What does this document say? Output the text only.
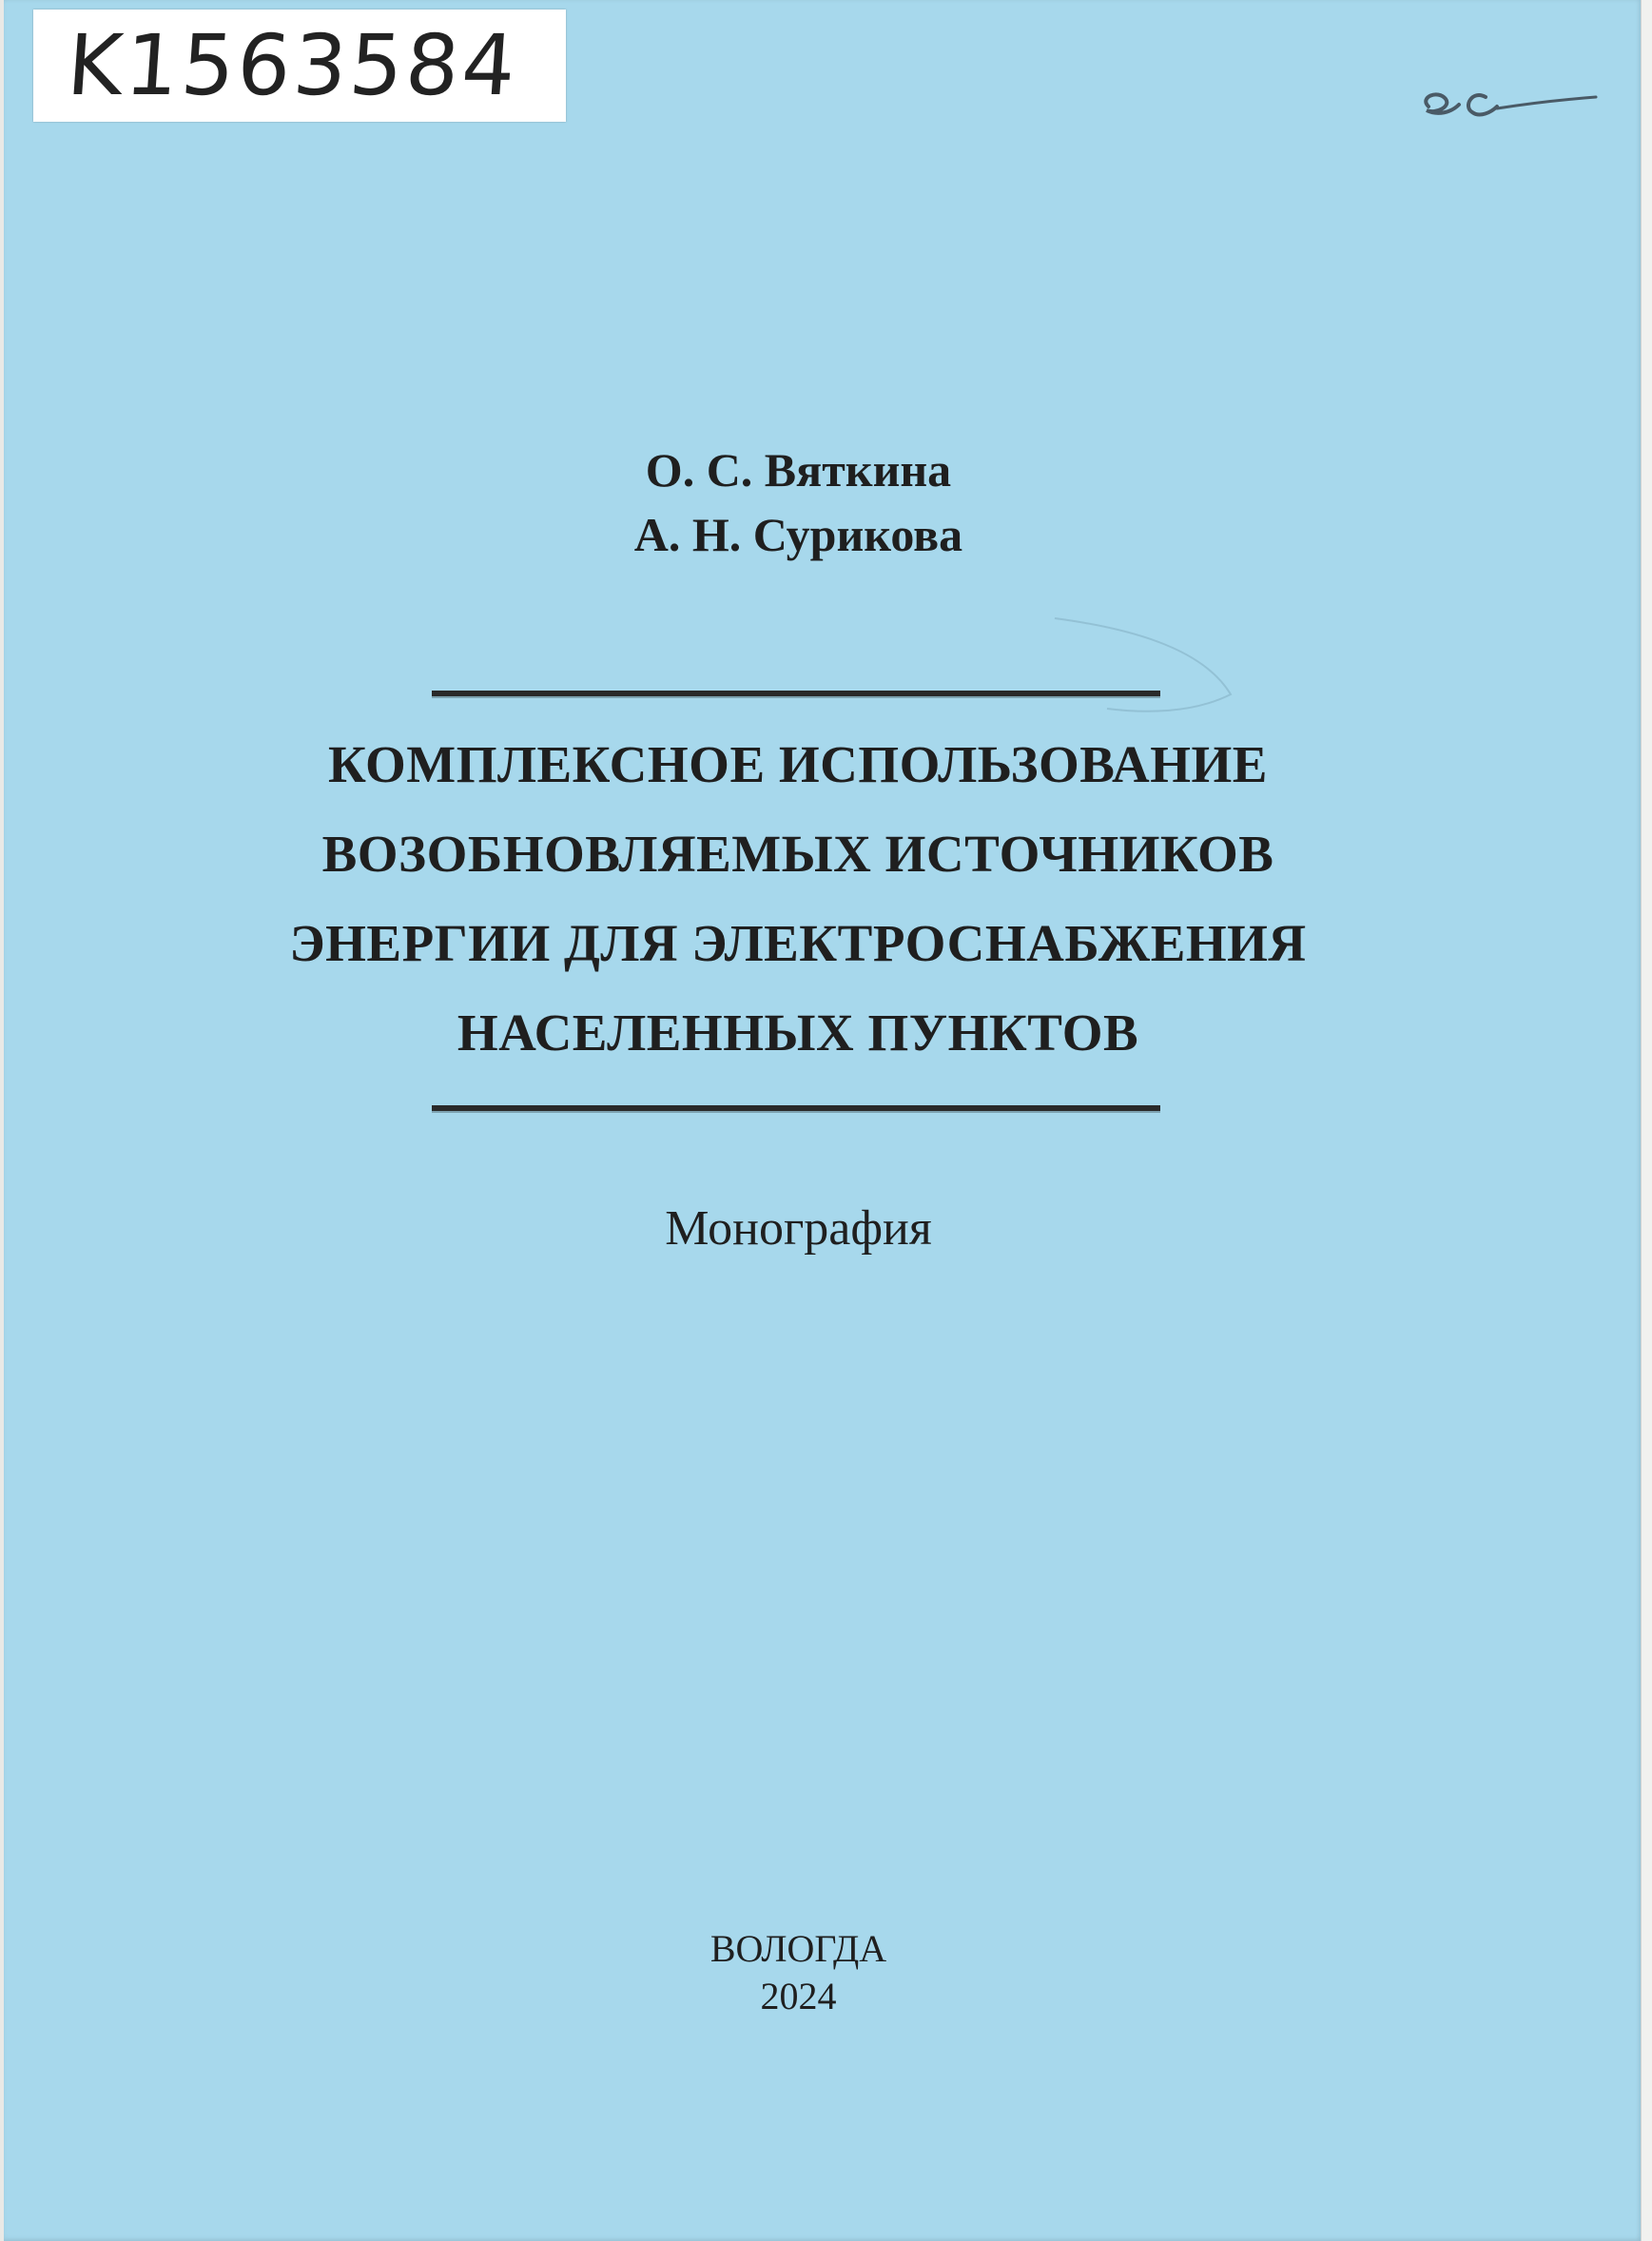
K1563584
О. С. Вяткина
А. Н. Сурикова
КОМПЛЕКСНОЕ ИСПОЛЬЗОВАНИЕ
ВОЗОБНОВЛЯЕМЫХ ИСТОЧНИКОВ
ЭНЕРГИИ ДЛЯ ЭЛЕКТРОСНАБЖЕНИЯ
НАСЕЛЕННЫХ ПУНКТОВ
Монография
ВОЛОГДА
2024
